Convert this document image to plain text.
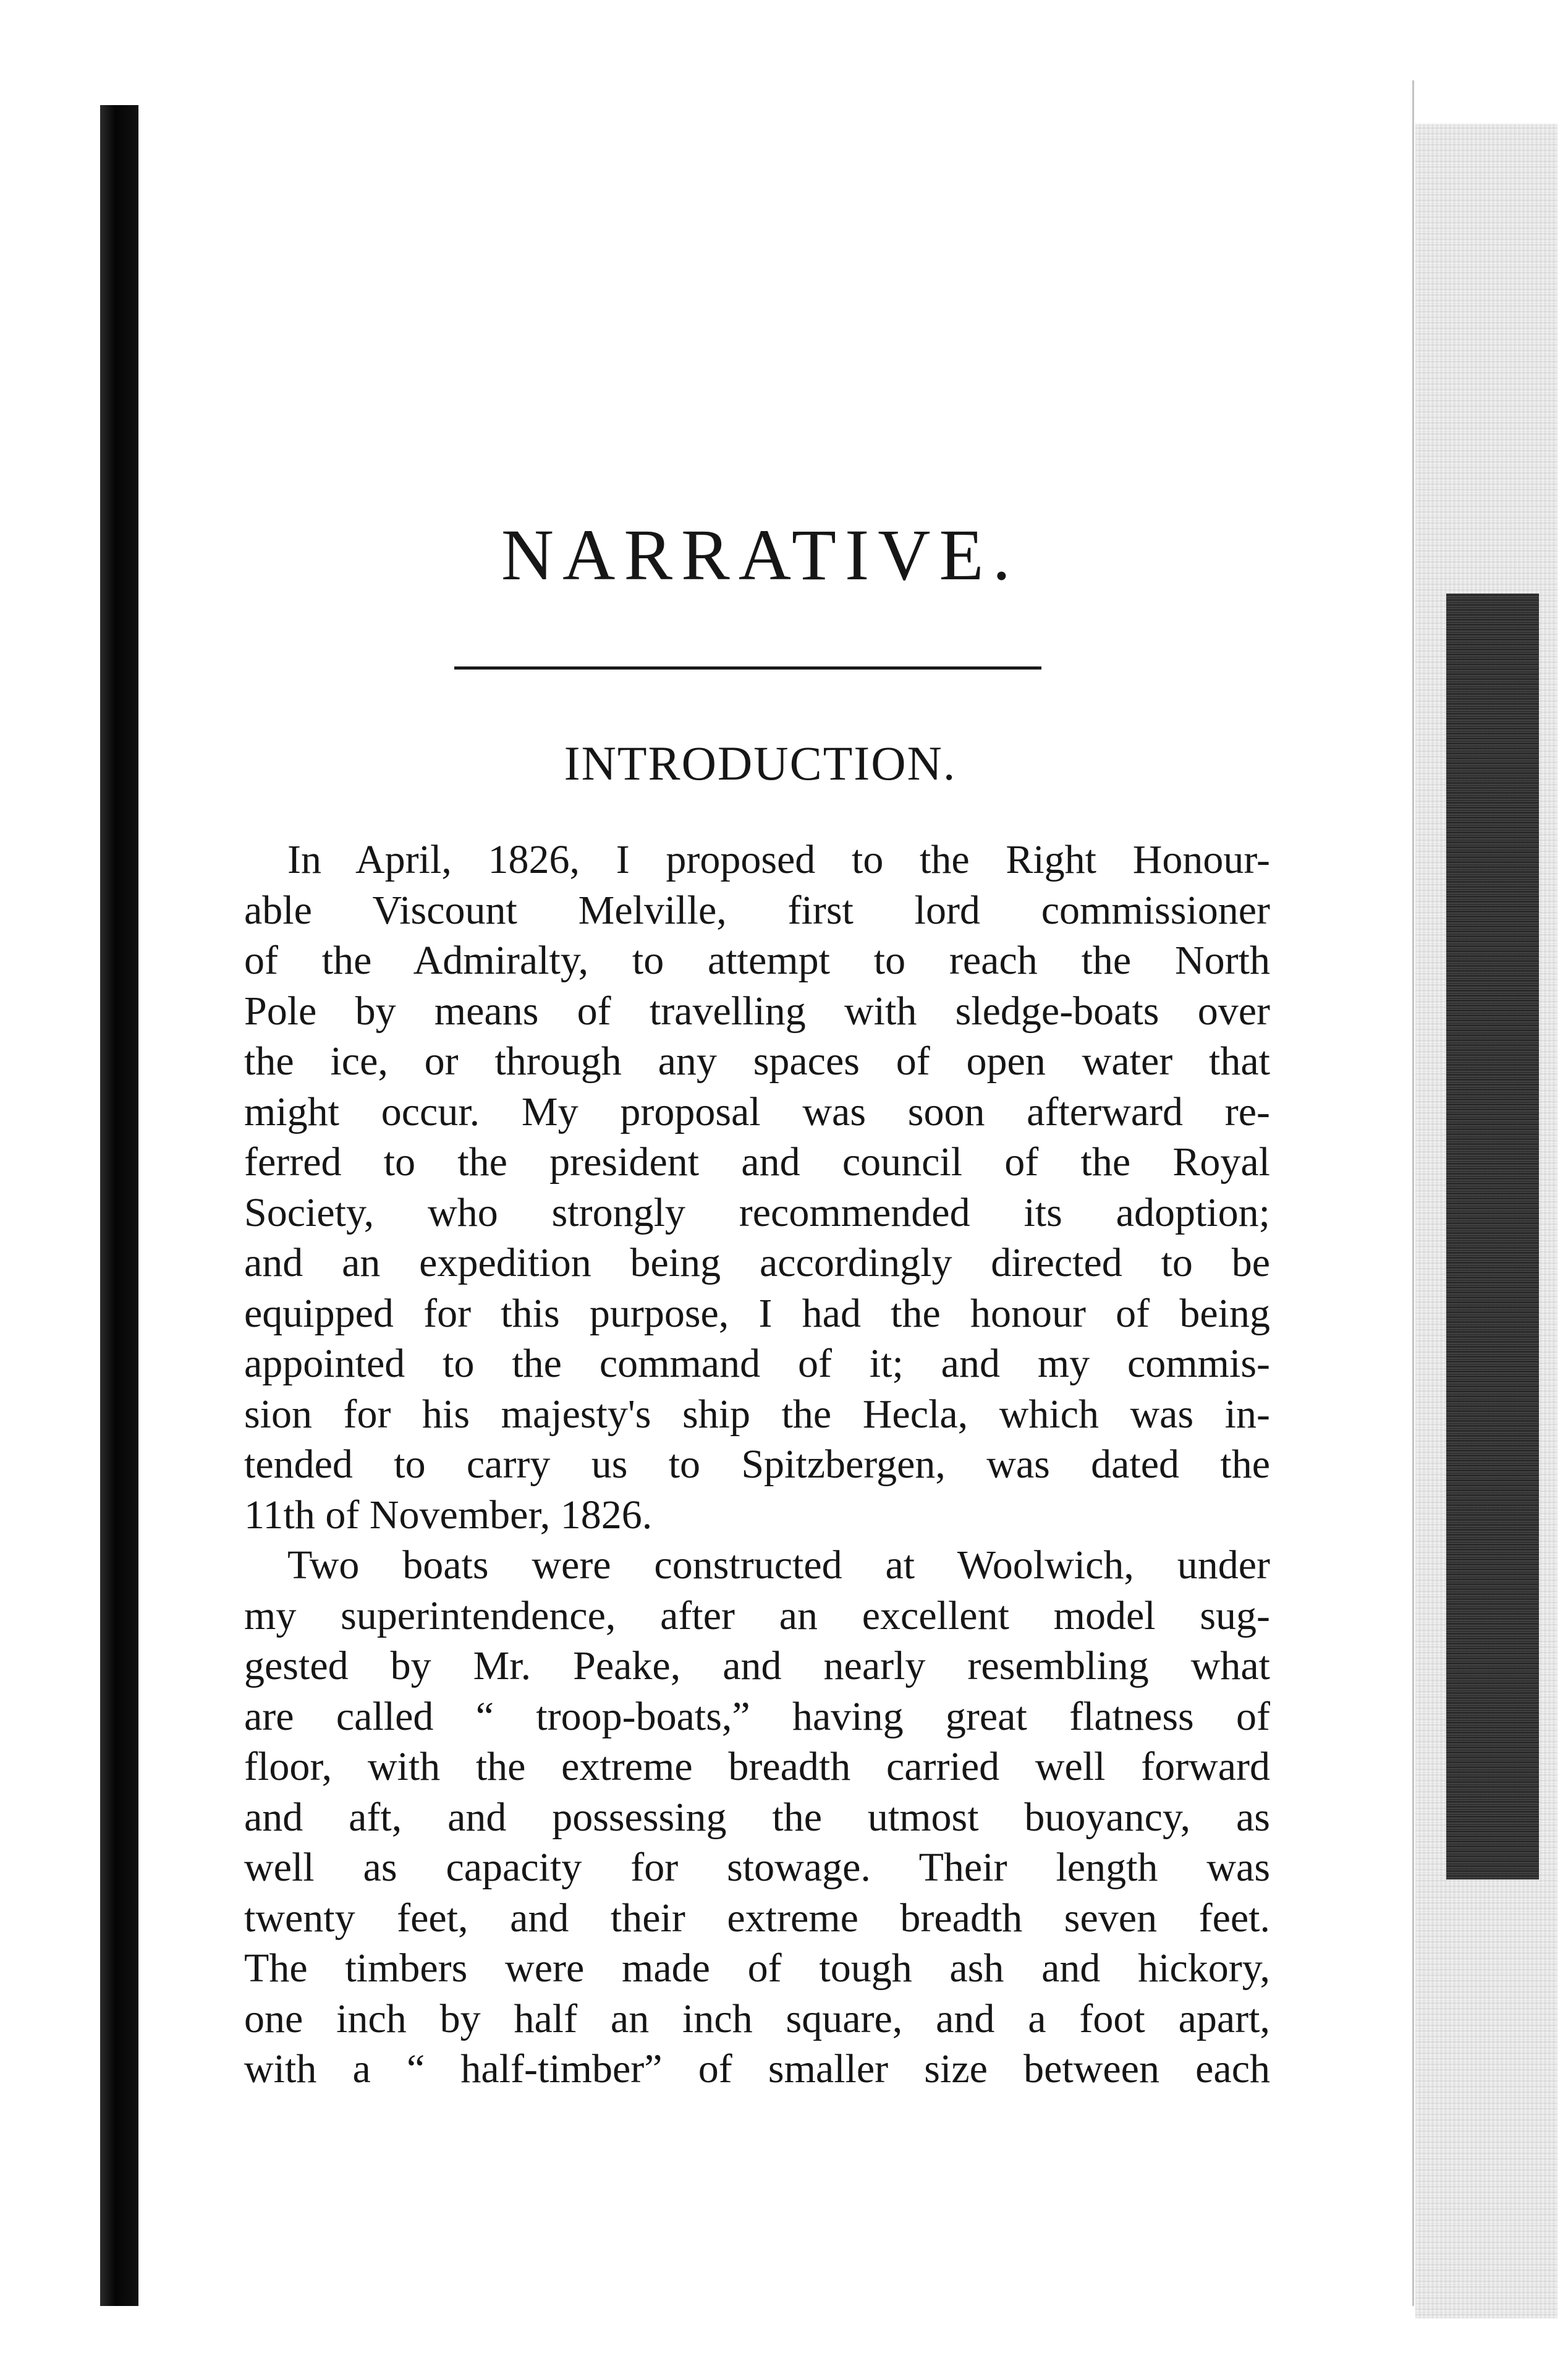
NARRATIVE.
INTRODUCTION.
In April, 1826, I proposed to the Right Honour-
able Viscount Melville, first lord commissioner
of the Admiralty, to attempt to reach the North
Pole by means of travelling with sledge-boats over
the ice, or through any spaces of open water that
might occur. My proposal was soon afterward re-
ferred to the president and council of the Royal
Society, who strongly recommended its adoption;
and an expedition being accordingly directed to be
equipped for this purpose, I had the honour of being
appointed to the command of it; and my commis-
sion for his majesty's ship the Hecla, which was in-
tended to carry us to Spitzbergen, was dated the
11th of November, 1826.
Two boats were constructed at Woolwich, under
my superintendence, after an excellent model sug-
gested by Mr. Peake, and nearly resembling what
are called “ troop-boats,” having great flatness of
floor, with the extreme breadth carried well forward
and aft, and possessing the utmost buoyancy, as
well as capacity for stowage. Their length was
twenty feet, and their extreme breadth seven feet.
The timbers were made of tough ash and hickory,
one inch by half an inch square, and a foot apart,
with a “ half-timber” of smaller size between each
